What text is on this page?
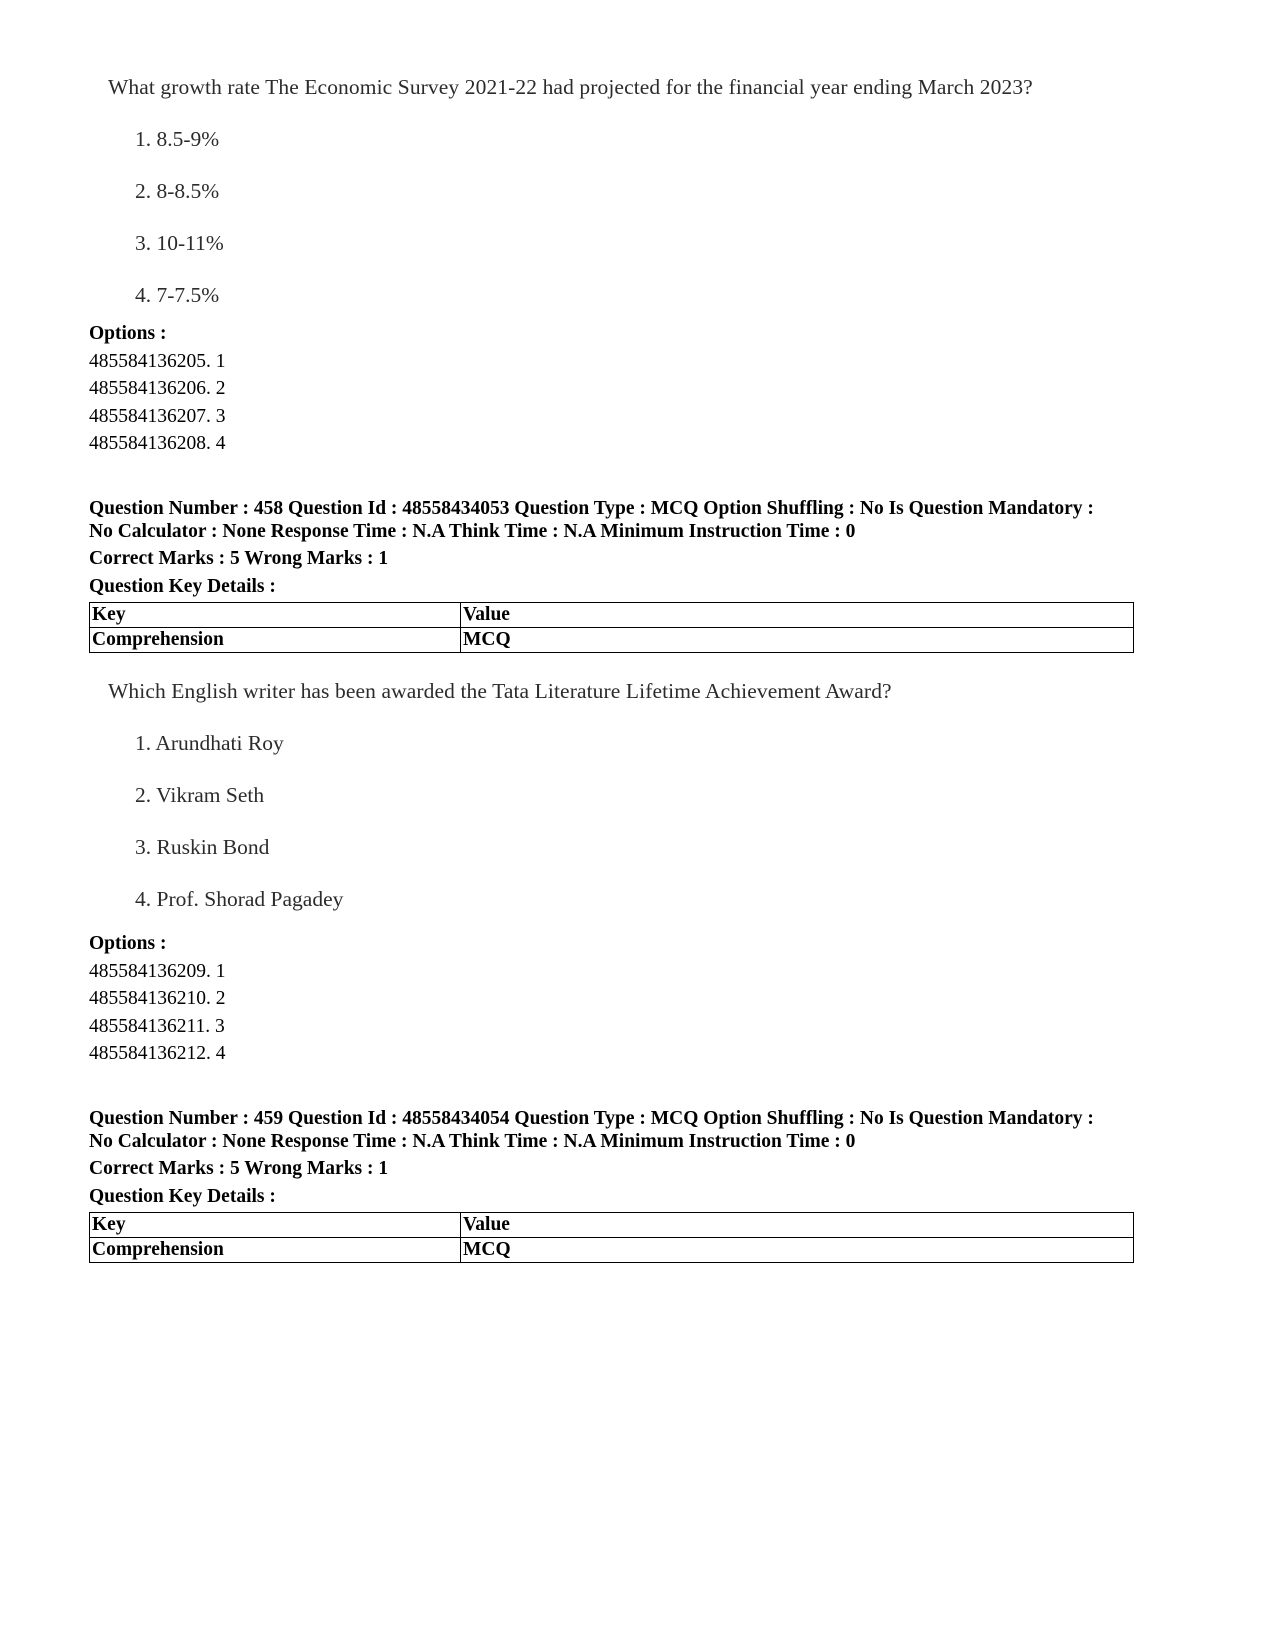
What growth rate The Economic Survey 2021-22 had projected for the financial year ending March 2023?
1. 8.5-9%
2. 8-8.5%
3. 10-11%
4. 7-7.5%
Options :
485584136205. 1
485584136206. 2
485584136207. 3
485584136208. 4
Question Number : 458 Question Id : 48558434053 Question Type : MCQ Option Shuffling : No Is Question Mandatory :
No Calculator : None Response Time : N.A Think Time : N.A Minimum Instruction Time : 0
Correct Marks : 5 Wrong Marks : 1
Question Key Details :
Key	Value
Comprehension	MCQ
Which English writer has been awarded the Tata Literature Lifetime Achievement Award?
1. Arundhati Roy
2. Vikram Seth
3. Ruskin Bond
4. Prof. Shorad Pagadey
Options :
485584136209. 1
485584136210. 2
485584136211. 3
485584136212. 4
Question Number : 459 Question Id : 48558434054 Question Type : MCQ Option Shuffling : No Is Question Mandatory :
No Calculator : None Response Time : N.A Think Time : N.A Minimum Instruction Time : 0
Correct Marks : 5 Wrong Marks : 1
Question Key Details :
Key	Value
Comprehension	MCQ
